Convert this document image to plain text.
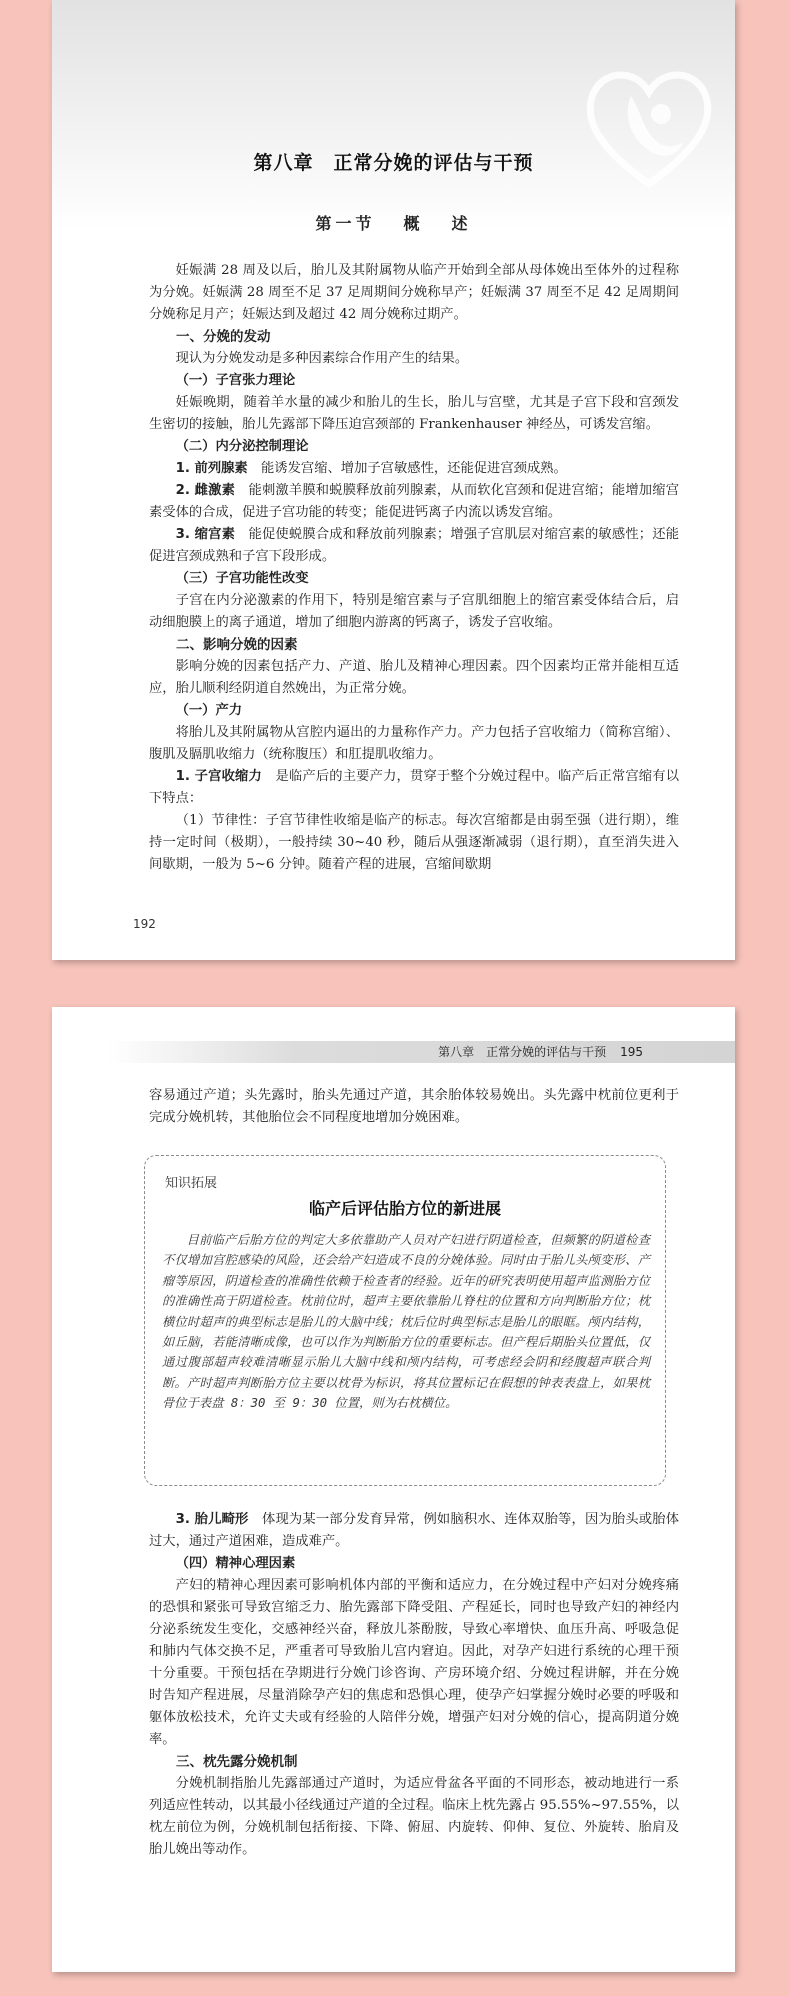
第八章　正常分娩的评估与干预
第一节 概 述

妊娠满 28 周及以后，胎儿及其附属物从临产开始到全部从母体娩出至体外的过程称为分娩。妊娠满 28 周至不足 37 足周期间分娩称早产；妊娠满 37 周至不足 42 足周期间分娩称足月产；妊娠达到及超过 42 周分娩称过期产。

一、分娩的发动

现认为分娩发动是多种因素综合作用产生的结果。

（一）子宫张力理论

妊娠晚期，随着羊水量的减少和胎儿的生长，胎儿与宫壁，尤其是子宫下段和宫颈发生密切的接触，胎儿先露部下降压迫宫颈部的 Frankenhauser 神经丛，可诱发宫缩。

（二）内分泌控制理论

1. 前列腺素 能诱发宫缩、增加子宫敏感性，还能促进宫颈成熟。

2. 雌激素 能刺激羊膜和蜕膜释放前列腺素，从而软化宫颈和促进宫缩；能增加缩宫素受体的合成，促进子宫功能的转变；能促进钙离子内流以诱发宫缩。

3. 缩宫素 能促使蜕膜合成和释放前列腺素；增强子宫肌层对缩宫素的敏感性；还能促进宫颈成熟和子宫下段形成。

（三）子宫功能性改变

子宫在内分泌激素的作用下，特别是缩宫素与子宫肌细胞上的缩宫素受体结合后，启动细胞膜上的离子通道，增加了细胞内游离的钙离子，诱发子宫收缩。

二、影响分娩的因素

影响分娩的因素包括产力、产道、胎儿及精神心理因素。四个因素均正常并能相互适应，胎儿顺利经阴道自然娩出，为正常分娩。

（一）产力

将胎儿及其附属物从宫腔内逼出的力量称作产力。产力包括子宫收缩力（简称宫缩）、腹肌及膈肌收缩力（统称腹压）和肛提肌收缩力。

1. 子宫收缩力 是临产后的主要产力，贯穿于整个分娩过程中。临产后正常宫缩有以下特点：

（1）节律性：子宫节律性收缩是临产的标志。每次宫缩都是由弱至强（进行期），维持一定时间（极期），一般持续 30~40 秒，随后从强逐渐减弱（退行期），直至消失进入间歇期，一般为 5~6 分钟。随着产程的进展，宫缩间歇期

192
第八章　正常分娩的评估与干预 195

容易通过产道；头先露时，胎头先通过产道，其余胎体较易娩出。头先露中枕前位更利于完成分娩机转，其他胎位会不同程度地增加分娩困难。

知识拓展
临产后评估胎方位的新进展

目前临产后胎方位的判定大多依靠助产人员对产妇进行阴道检查，但频繁的阴道检查不仅增加宫腔感染的风险，还会给产妇造成不良的分娩体验。同时由于胎儿头颅变形、产瘤等原因，阴道检查的准确性依赖于检查者的经验。近年的研究表明使用超声监测胎方位的准确性高于阴道检查。枕前位时，超声主要依靠胎儿脊柱的位置和方向判断胎方位；枕横位时超声的典型标志是胎儿的大脑中线；枕后位时典型标志是胎儿的眼眶。颅内结构，如丘脑，若能清晰成像，也可以作为判断胎方位的重要标志。但产程后期胎头位置低，仅通过腹部超声较难清晰显示胎儿大脑中线和颅内结构，可考虑经会阴和经腹超声联合判断。产时超声判断胎方位主要以枕骨为标识，将其位置标记在假想的钟表表盘上，如果枕骨位于表盘 8：30 至 9：30 位置，则为右枕横位。

3. 胎儿畸形 体现为某一部分发育异常，例如脑积水、连体双胎等，因为胎头或胎体过大，通过产道困难，造成难产。

（四）精神心理因素

产妇的精神心理因素可影响机体内部的平衡和适应力，在分娩过程中产妇对分娩疼痛的恐惧和紧张可导致宫缩乏力、胎先露部下降受阻、产程延长，同时也导致产妇的神经内分泌系统发生变化，交感神经兴奋，释放儿茶酚胺，导致心率增快、血压升高、呼吸急促和肺内气体交换不足，严重者可导致胎儿宫内窘迫。因此，对孕产妇进行系统的心理干预十分重要。干预包括在孕期进行分娩门诊咨询、产房环境介绍、分娩过程讲解，并在分娩时告知产程进展，尽量消除孕产妇的焦虑和恐惧心理，使孕产妇掌握分娩时必要的呼吸和躯体放松技术，允许丈夫或有经验的人陪伴分娩，增强产妇对分娩的信心，提高阴道分娩率。

三、枕先露分娩机制

分娩机制指胎儿先露部通过产道时，为适应骨盆各平面的不同形态，被动地进行一系列适应性转动，以其最小径线通过产道的全过程。临床上枕先露占 95.55%~97.55%，以枕左前位为例，分娩机制包括衔接、下降、俯屈、内旋转、仰伸、复位、外旋转、胎肩及胎儿娩出等动作。
